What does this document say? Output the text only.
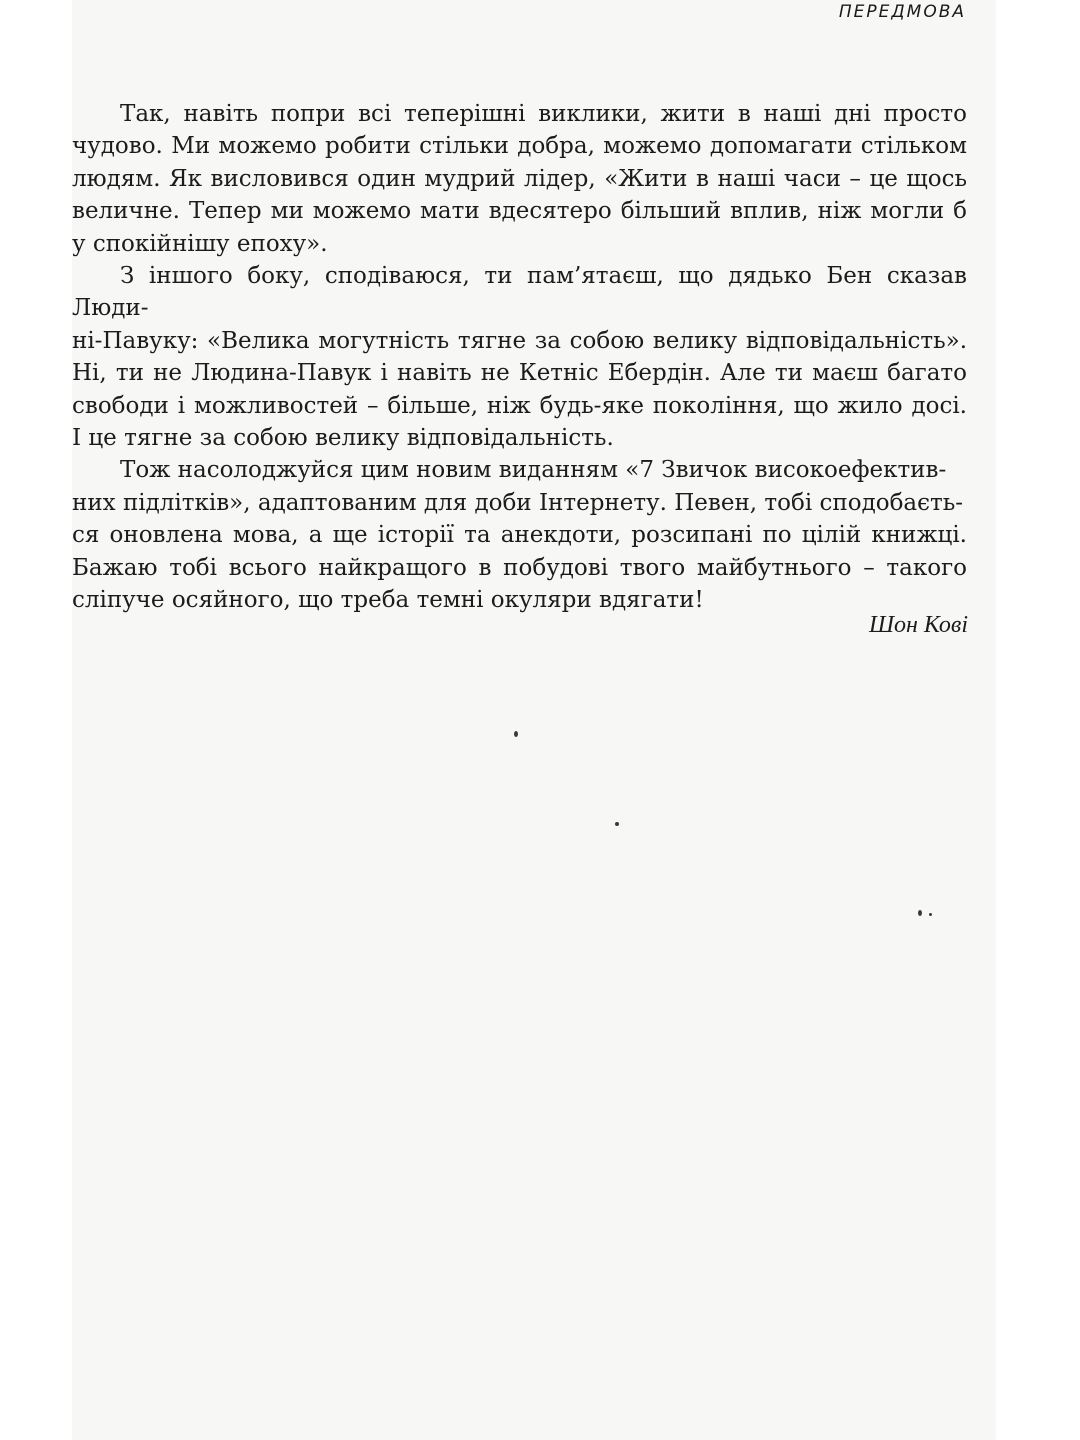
ПЕРЕДМОВА

Так, навіть попри всі теперішні виклики, жити в наші дні просто чудово. Ми можемо робити стільки добра, можемо допомагати стільком людям. Як висловився один мудрий лідер, «Жити в наші часи – це щось величне. Тепер ми можемо мати вдесятеро більший вплив, ніж могли б у спокійнішу епоху».

З іншого боку, сподіваюся, ти пам’ятаєш, що дядько Бен сказав Люди-
ні-Павуку: «Велика могутність тягне за собою велику відповідальність». Ні, ти не Людина-Павук і навіть не Кетніс Ебердін. Але ти маєш багато свободи і можливостей – більше, ніж будь-яке покоління, що жило досі. І це тягне за собою велику відповідальність.

Тож насолоджуйся цим новим виданням «7 Звичок високоефектив-
них підлітків», адаптованим для доби Інтернету. Певен, тобі сподобаєть-
ся оновлена мова, а ще історії та анекдоти, розсипані по цілій книжці. Бажаю тобі всього найкращого в побудові твого майбутнього – такого сліпуче осяйного, що треба темні окуляри вдягати!

Шон Кові
